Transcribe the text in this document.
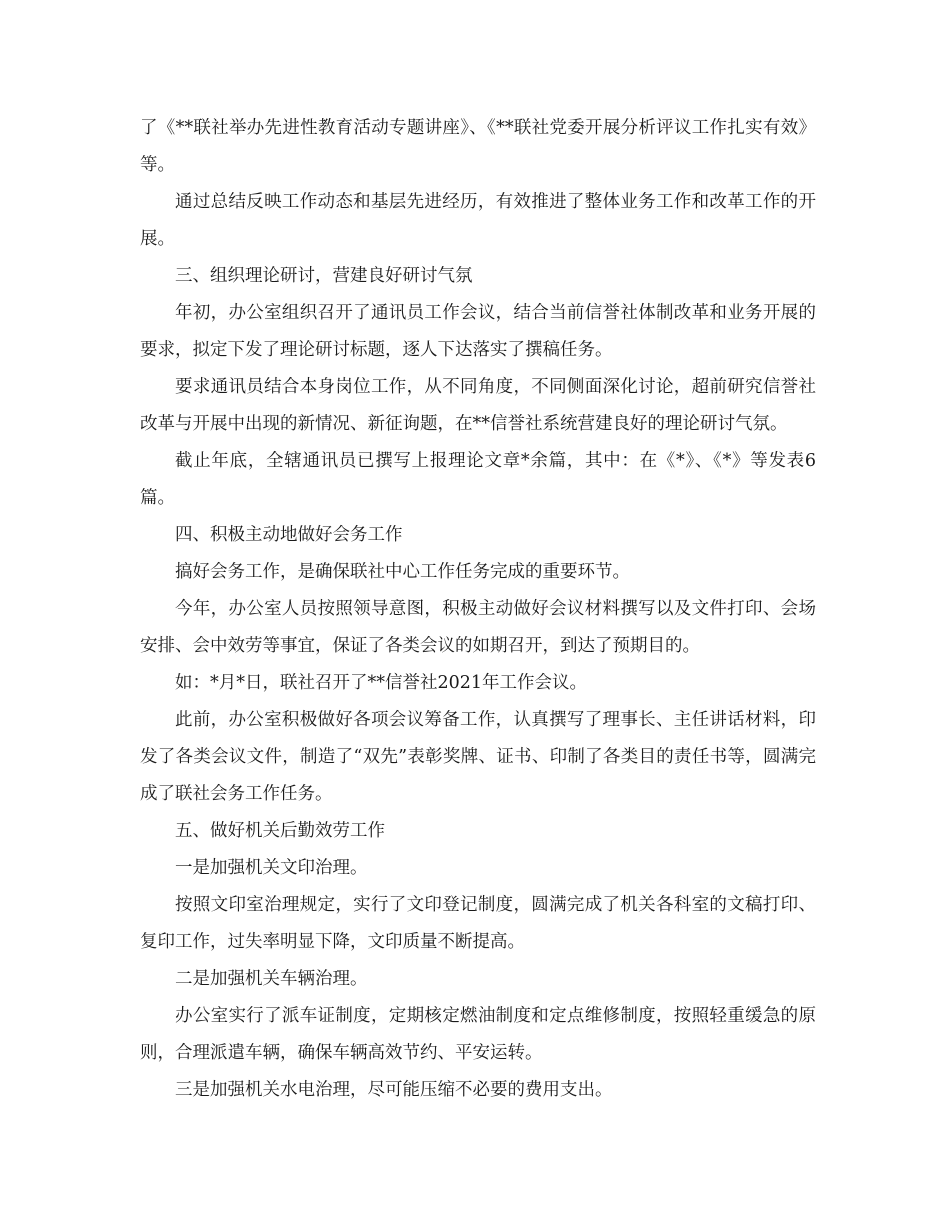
了《**联社举办先进性教育活动专题讲座》、《**联社党委开展分析评议工作扎实有效》等。

通过总结反映工作动态和基层先进经历，有效推进了整体业务工作和改革工作的开展。

三、组织理论研讨，营建良好研讨气氛

年初，办公室组织召开了通讯员工作会议，结合当前信誉社体制改革和业务开展的要求，拟定下发了理论研讨标题，逐人下达落实了撰稿任务。

要求通讯员结合本身岗位工作，从不同角度，不同侧面深化讨论，超前研究信誉社改革与开展中出现的新情况、新征询题，在**信誉社系统营建良好的理论研讨气氛。

截止年底，全辖通讯员已撰写上报理论文章*余篇，其中：在《*》、《*》等发表6篇。

四、积极主动地做好会务工作

搞好会务工作，是确保联社中心工作任务完成的重要环节。

今年，办公室人员按照领导意图，积极主动做好会议材料撰写以及文件打印、会场安排、会中效劳等事宜，保证了各类会议的如期召开，到达了预期目的。

如：*月*日，联社召开了**信誉社2021年工作会议。

此前，办公室积极做好各项会议筹备工作，认真撰写了理事长、主任讲话材料，印发了各类会议文件，制造了“双先”表彰奖牌、证书、印制了各类目的责任书等，圆满完成了联社会务工作任务。

五、做好机关后勤效劳工作

一是加强机关文印治理。

按照文印室治理规定，实行了文印登记制度，圆满完成了机关各科室的文稿打印、复印工作，过失率明显下降，文印质量不断提高。

二是加强机关车辆治理。

办公室实行了派车证制度，定期核定燃油制度和定点维修制度，按照轻重缓急的原则，合理派遣车辆，确保车辆高效节约、平安运转。

三是加强机关水电治理，尽可能压缩不必要的费用支出。
